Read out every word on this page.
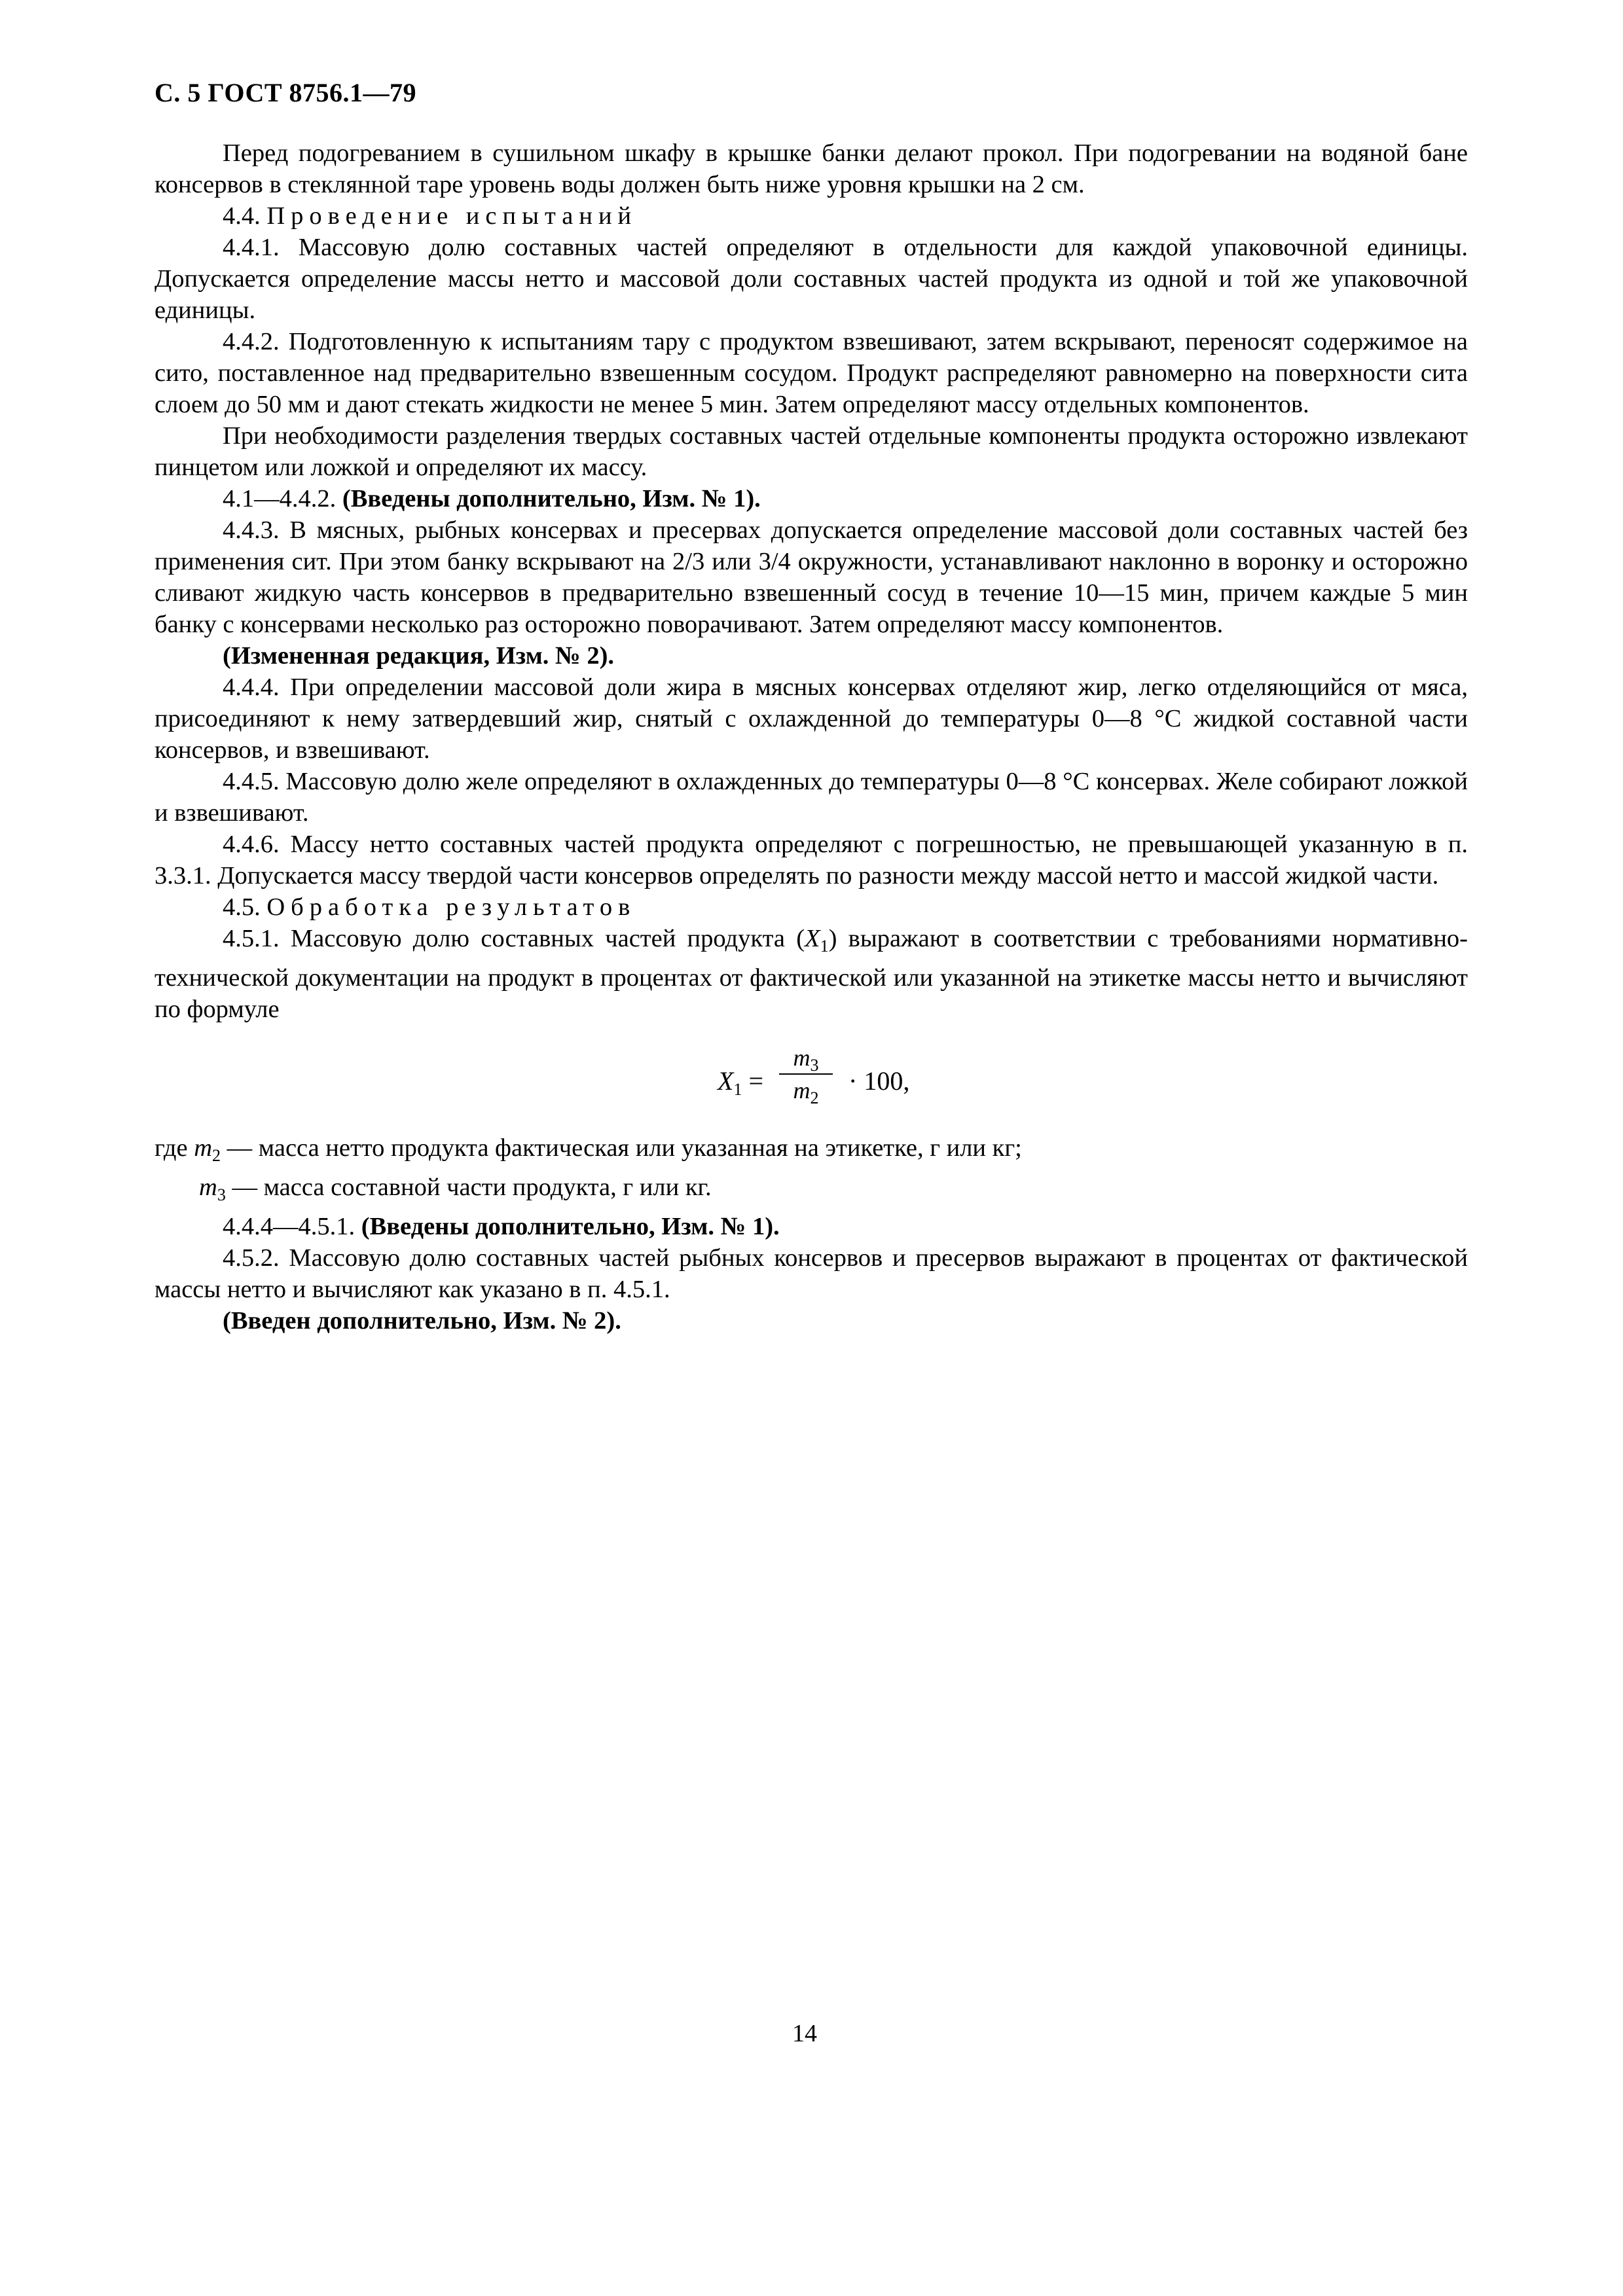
С. 5 ГОСТ 8756.1—79

Перед подогреванием в сушильном шкафу в крышке банки делают прокол. При подогревании на водяной бане консервов в стеклянной таре уровень воды должен быть ниже уровня крышки на 2 см.

4.4. Проведение испытаний

4.4.1. Массовую долю составных частей определяют в отдельности для каждой упаковочной единицы. Допускается определение массы нетто и массовой доли составных частей продукта из одной и той же упаковочной единицы.

4.4.2. Подготовленную к испытаниям тару с продуктом взвешивают, затем вскрывают, переносят содержимое на сито, поставленное над предварительно взвешенным сосудом. Продукт распределяют равномерно на поверхности сита слоем до 50 мм и дают стекать жидкости не менее 5 мин. Затем определяют массу отдельных компонентов.

При необходимости разделения твердых составных частей отдельные компоненты продукта осторожно извлекают пинцетом или ложкой и определяют их массу.

4.1—4.4.2. (Введены дополнительно, Изм. № 1).

4.4.3. В мясных, рыбных консервах и пресервах допускается определение массовой доли составных частей без применения сит. При этом банку вскрывают на 2/3 или 3/4 окружности, устанавливают наклонно в воронку и осторожно сливают жидкую часть консервов в предварительно взвешенный сосуд в течение 10—15 мин, причем каждые 5 мин банку с консервами несколько раз осторожно поворачивают. Затем определяют массу компонентов.

(Измененная редакция, Изм. № 2).

4.4.4. При определении массовой доли жира в мясных консервах отделяют жир, легко отделяющийся от мяса, присоединяют к нему затвердевший жир, снятый с охлажденной до температуры 0—8 °С жидкой составной части консервов, и взвешивают.

4.4.5. Массовую долю желе определяют в охлажденных до температуры 0—8 °С консервах. Желе собирают ложкой и взвешивают.

4.4.6. Массу нетто составных частей продукта определяют с погрешностью, не превышающей указанную в п. 3.3.1. Допускается массу твердой части консервов определять по разности между массой нетто и массой жидкой части.

4.5. Обработка результатов

4.5.1. Массовую долю составных частей продукта $(X_1)$ выражают в соответствии с требованиями нормативно-технической документации на продукт в процентах от фактической или указанной на этикетке массы нетто и вычисляют по формуле

$X_1$ =
$m_3$
$m_2$
· 100,

где $m_2$ — масса нетто продукта фактическая или указанная на этикетке, г или кг;

$m_3$ — масса составной части продукта, г или кг.

4.4.4—4.5.1. (Введены дополнительно, Изм. № 1).

4.5.2. Массовую долю составных частей рыбных консервов и пресервов выражают в процентах от фактической массы нетто и вычисляют как указано в п. 4.5.1.

(Введен дополнительно, Изм. № 2).

14
